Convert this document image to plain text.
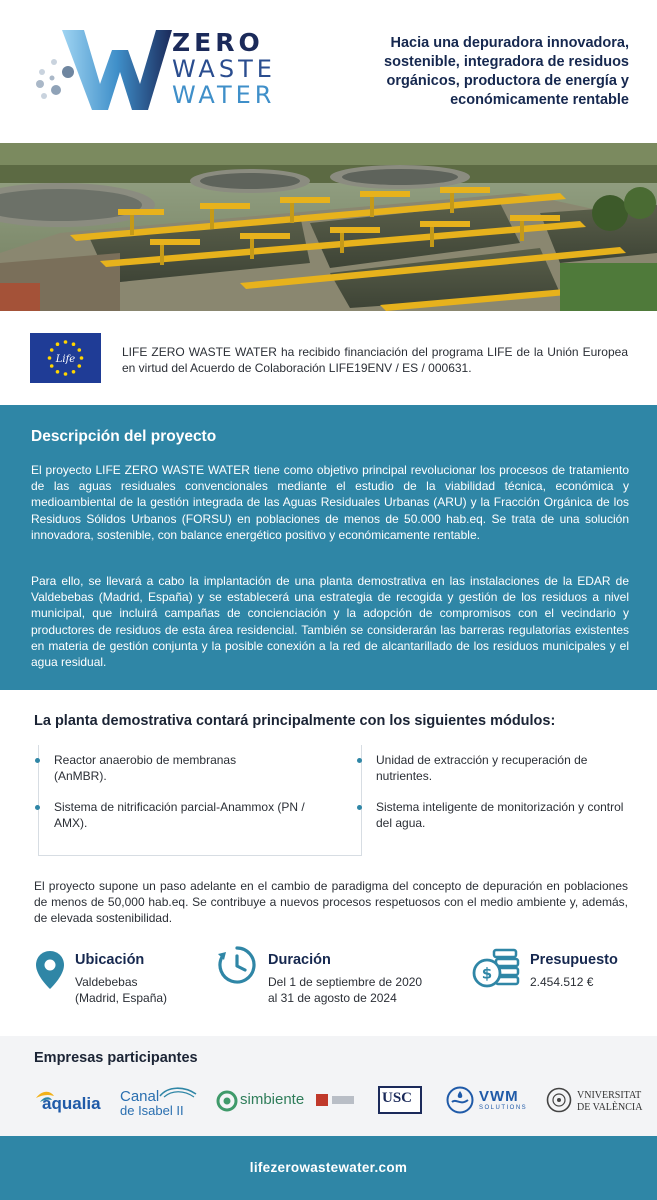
ZERO
WASTE
WATER
Hacia una depuradora innovadora, sostenible, integradora de residuos orgánicos, productora de energía y económicamente rentable
Life
LIFE ZERO WASTE WATER ha recibido financiación del programa LIFE de la Unión Europea en virtud del Acuerdo de Colaboración LIFE19ENV / ES / 000631.
Descripción del proyecto
El proyecto LIFE ZERO WASTE WATER tiene como objetivo principal revolucionar los procesos de tratamiento de las aguas residuales convencionales mediante el estudio de la viabilidad técnica, económica y medioambiental de la gestión integrada de las Aguas Residuales Urbanas (ARU) y la Fracción Orgánica de los Residuos Sólidos Urbanos (FORSU) en poblaciones de menos de 50.000 hab.eq. Se trata de una solución innovadora, sostenible, con balance energético positivo y económicamente rentable.
Para ello, se llevará a cabo la implantación de una planta demostrativa en las instalaciones de la EDAR de Valdebebas (Madrid, España) y se establecerá una estrategia de recogida y gestión de los residuos a nivel municipal, que incluirá campañas de concienciación y la adopción de compromisos con el vecindario y productores de residuos de esta área residencial. También se considerarán las barreras regulatorias existentes en materia de gestión conjunta y la posible conexión a la red de alcantarillado de los residuos municipales y el agua residual.
La planta demostrativa contará principalmente con los siguientes módulos:
Reactor anaerobio de membranas (AnMBR).
Sistema de nitrificación parcial-Anammox (PN / AMX).
Unidad de extracción y recuperación de nutrientes.
Sistema inteligente de monitorización y control del agua.
El proyecto supone un paso adelante en el cambio de paradigma del concepto de depuración en poblaciones de menos de 50,000 hab.eq. Se contribuye a nuevos procesos respetuosos con el medio ambiente y, además, de elevada sostenibilidad.
Ubicación
Valdebebas
(Madrid, España)
Duración
Del 1 de septiembre de 2020
al 31 de agosto de 2024
$
Presupuesto
2.454.512 €
Empresas participantes
aqualia Canal
de Isabel II
simbiente	USC	VWM
SOLUTIONS
VNIVERSITAT
DE VALÈNCIA
lifezerowastewater.com
